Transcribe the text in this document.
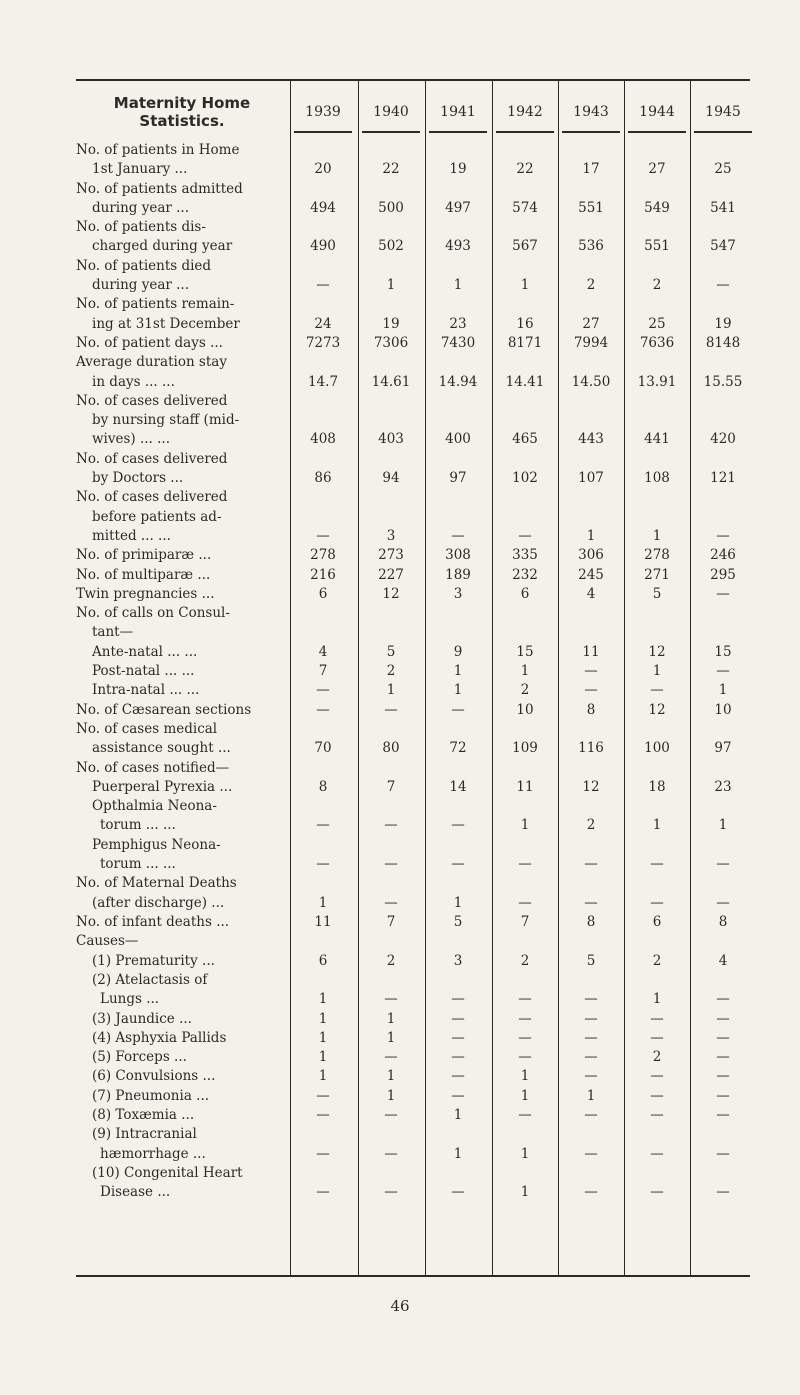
Maternity Home Statistics.	1939	1940	1941	1942	1943	1944	1945
No. of patients in Home
1st January ...	20	22	19	22	17	27	25
No. of patients admitted
during year ...	494	500	497	574	551	549	541
No. of patients dis-
charged during year	490	502	493	567	536	551	547
No. of patients died
during year ...	—	1	1	1	2	2	—
No. of patients remain-
ing at 31st December	24	19	23	16	27	25	19
No. of patient days ...	7273	7306	7430	8171	7994	7636	8148
Average duration stay
in days ... ...	14.7	14.61	14.94	14.41	14.50	13.91	15.55
No. of cases delivered
by nursing staff (mid-
wives) ... ...	408	403	400	465	443	441	420
No. of cases delivered
by Doctors ...	86	94	97	102	107	108	121
No. of cases delivered
before patients ad-
mitted ... ...	—	3	—	—	1	1	—
No. of primiparæ ...	278	273	308	335	306	278	246
No. of multiparæ ...	216	227	189	232	245	271	295
Twin pregnancies ...	6	12	3	6	4	5	—
No. of calls on Consul-
tant—
Ante-natal ... ...	4	5	9	15	11	12	15
Post-natal ... ...	7	2	1	1	—	1	—
Intra-natal ... ...	—	1	1	2	—	—	1
No. of Cæsarean sections	—	—	—	10	8	12	10
No. of cases medical
assistance sought ...	70	80	72	109	116	100	97
No. of cases notified—
Puerperal Pyrexia ...	8	7	14	11	12	18	23
Opthalmia Neona-
torum ... ...	—	—	—	1	2	1	1
Pemphigus Neona-
torum ... ...	—	—	—	—	—	—	—
No. of Maternal Deaths
(after discharge) ...	1	—	1	—	—	—	—
No. of infant deaths ...	11	7	5	7	8	6	8
Causes—
(1) Prematurity ...	6	2	3	2	5	2	4
(2) Atelactasis of
Lungs ...	1	—	—	—	—	1	—
(3) Jaundice ...	1	1	—	—	—	—	—
(4) Asphyxia Pallids	1	1	—	—	—	—	—
(5) Forceps ...	1	—	—	—	—	2	—
(6) Convulsions ...	1	1	—	1	—	—	—
(7) Pneumonia ...	—	1	—	1	1	—	—
(8) Toxæmia ...	—	—	1	—	—	—	—
(9) Intracranial
hæmorrhage ...	—	—	1	1	—	—	—
(10) Congenital Heart
Disease ...	—	—	—	1	—	—	—
46
